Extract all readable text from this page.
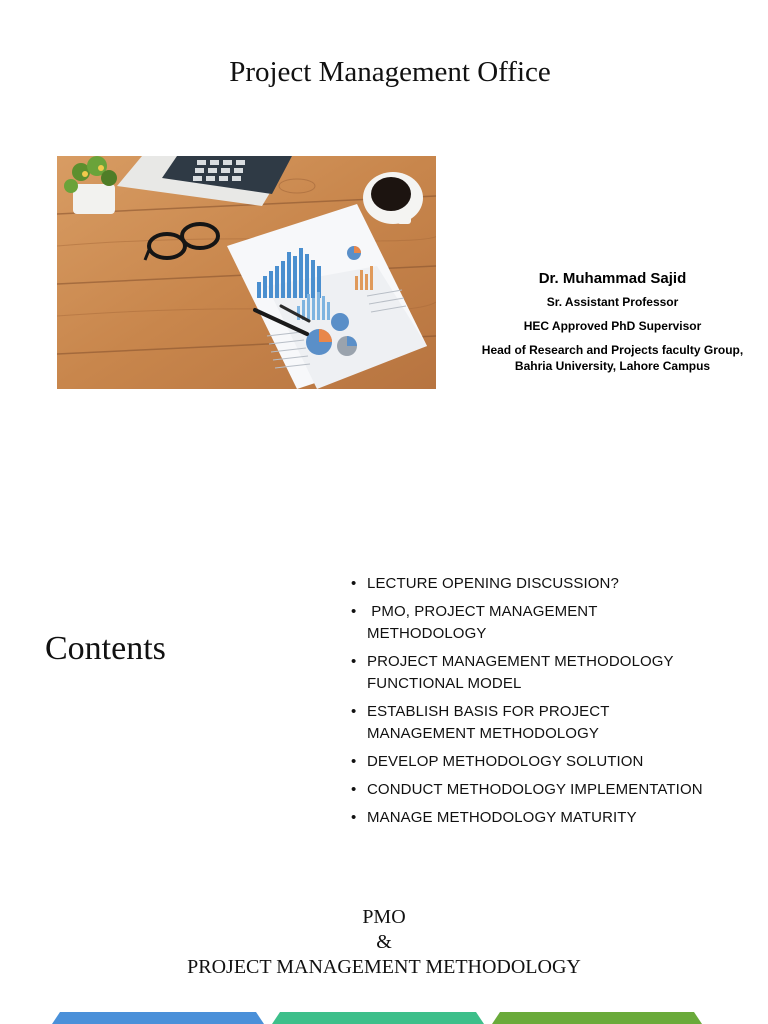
Project Management Office
Dr. Muhammad Sajid
Sr. Assistant Professor
HEC Approved PhD Supervisor
Head of Research and Projects faculty Group,
Bahria University, Lahore Campus
Contents
• LECTURE OPENING DISCUSSION?
• PMO, PROJECT MANAGEMENT METHODOLOGY
• PROJECT MANAGEMENT METHODOLOGY FUNCTIONAL MODEL
• ESTABLISH BASIS FOR PROJECT MANAGEMENT METHODOLOGY
• DEVELOP METHODOLOGY SOLUTION
• CONDUCT METHODOLOGY IMPLEMENTATION
• MANAGE METHODOLOGY MATURITY
PMO
&
PROJECT MANAGEMENT METHODOLOGY
